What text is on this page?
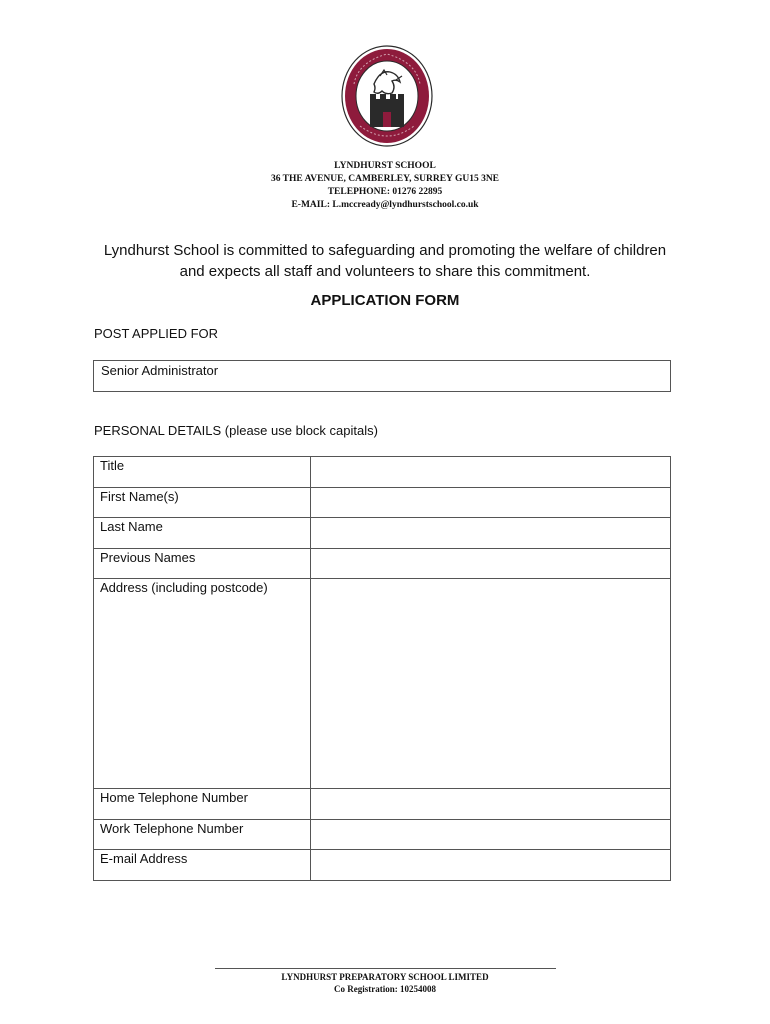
LYNDHURST SCHOOL
36 THE AVENUE, CAMBERLEY, SURREY GU15 3NE
TELEPHONE: 01276 22895
E-MAIL: L.mccready@lyndhurstschool.co.uk
Lyndhurst School is committed to safeguarding and promoting the welfare of children
and expects all staff and volunteers to share this commitment.
APPLICATION FORM
POST APPLIED FOR
Senior Administrator
PERSONAL DETAILS (please use block capitals)
Title	
First Name(s)	
Last Name	
Previous Names	
Address (including postcode)	
Home Telephone Number	
Work Telephone Number	
E-mail Address	
LYNDHURST PREPARATORY SCHOOL LIMITED
Co Registration: 10254008
